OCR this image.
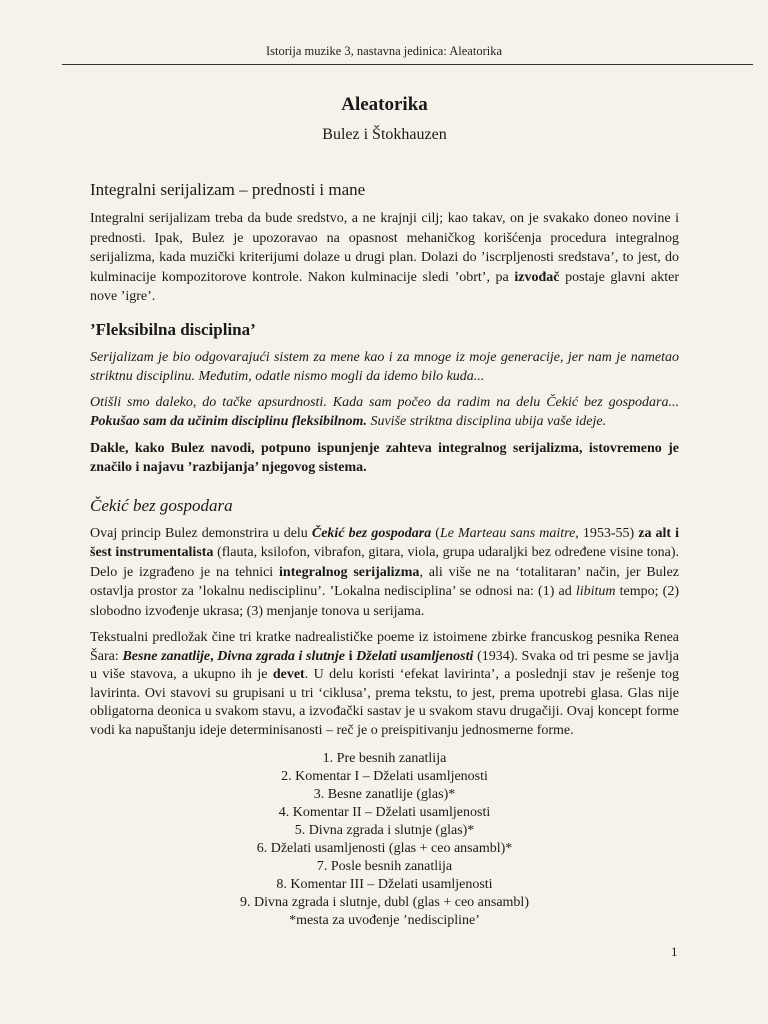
Istorija muzike 3, nastavna jedinica: Aleatorika
Aleatorika
Bulez i Štokhauzen
Integralni serijalizam – prednosti i mane

Integralni serijalizam treba da bude sredstvo, a ne krajnji cilj; kao takav, on je svakako doneo novine i prednosti. Ipak, Bulez je upozoravao na opasnost mehaničkog korišćenja procedura integralnog serijalizma, kada muzički kriterijumi dolaze u drugi plan. Dolazi do ’iscrpljenosti sredstava’, to jest, do kulminacije kompozitorove kontrole. Nakon kulminacije sledi ’obrt’, pa izvođač postaje glavni akter nove ’igre’.

’Fleksibilna disciplina’

Serijalizam je bio odgovarajući sistem za mene kao i za mnoge iz moje generacije, jer nam je nametao striktnu disciplinu. Međutim, odatle nismo mogli da idemo bilo kuda...

Otišli smo daleko, do tačke apsurdnosti. Kada sam počeo da radim na delu Čekić bez gospodara... Pokušao sam da učinim disciplinu fleksibilnom. Suviše striktna disciplina ubija vaše ideje.

Dakle, kako Bulez navodi, potpuno ispunjenje zahteva integralnog serijalizma, istovremeno je značilo i najavu ’razbijanja’ njegovog sistema.

Čekić bez gospodara

Ovaj princip Bulez demonstrira u delu Čekić bez gospodara (Le Marteau sans maitre, 1953-55) za alt i šest instrumentalista (flauta, ksilofon, vibrafon, gitara, viola, grupa udaraljki bez određene visine tona). Delo je izgrađeno je na tehnici integralnog serijalizma, ali više ne na ‘totalitaran’ način, jer Bulez ostavlja prostor za ’lokalnu nedisciplinu’. ’Lokalna nedisciplina’ se odnosi na: (1) ad libitum tempo; (2) slobodno izvođenje ukrasa; (3) menjanje tonova u serijama.

Tekstualni predložak čine tri kratke nadrealističke poeme iz istoimene zbirke francuskog pesnika Renea Šara: Besne zanatlije, Divna zgrada i slutnje i Dželati usamljenosti (1934). Svaka od tri pesme se javlja u više stavova, a ukupno ih je devet. U delu koristi ‘efekat lavirinta’, a poslednji stav je rešenje tog lavirinta. Ovi stavovi su grupisani u tri ‘ciklusa’, prema tekstu, to jest, prema upotrebi glasa. Glas nije obligatorna deonica u svakom stavu, a izvođački sastav je u svakom stavu drugačiji. Ovaj koncept forme vodi ka napuštanju ideje determinisanosti – reč je o preispitivanju jednosmerne forme.

1. Pre besnih zanatlija
2. Komentar I – Dželati usamljenosti
3. Besne zanatlije (glas)*
4. Komentar II – Dželati usamljenosti
5. Divna zgrada i slutnje (glas)*
6. Dželati usamljenosti (glas + ceo ansambl)*
7. Posle besnih zanatlija
8. Komentar III – Dželati usamljenosti
9. Divna zgrada i slutnje, dubl (glas + ceo ansambl)
*mesta za uvođenje ’nediscipline’
1
